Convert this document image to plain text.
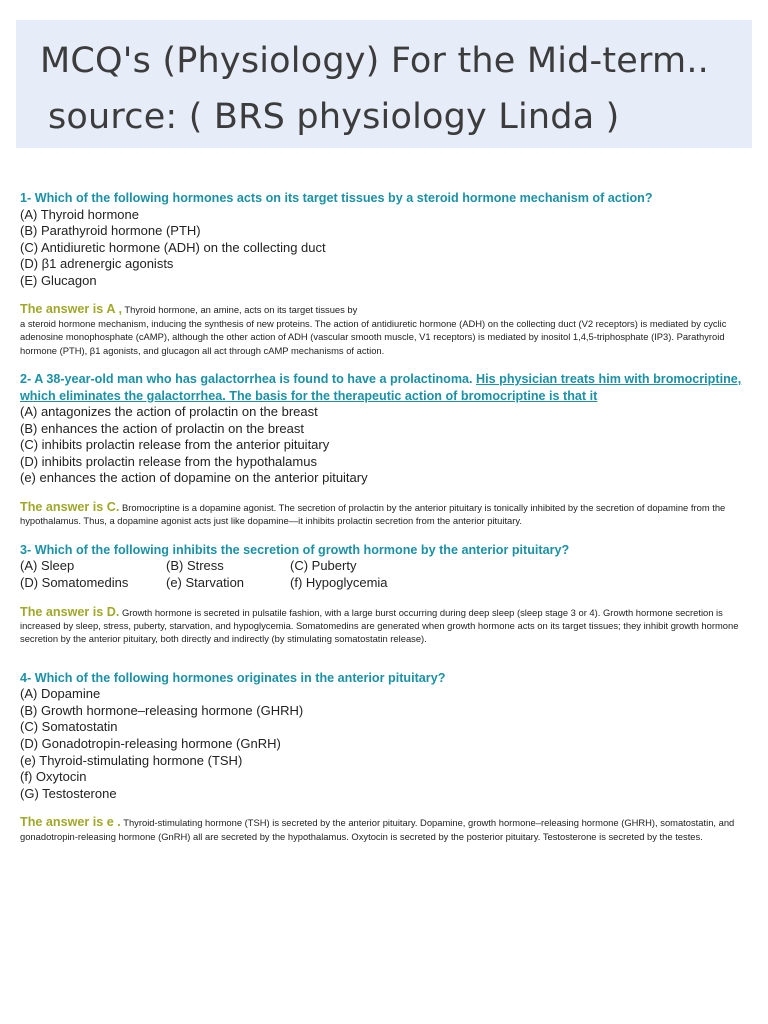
MCQ's (Physiology) For the Mid-term..
source: ( BRS physiology Linda )

1- Which of the following hormones acts on its target tissues by a steroid hormone mechanism of action?

(A) Thyroid hormone
(B) Parathyroid hormone (PTH)
(C) Antidiuretic hormone (ADH) on the collecting duct
(D) β1 adrenergic agonists
(E) Glucagon

The answer is A , Thyroid hormone, an amine, acts on its target tissues by
a steroid hormone mechanism, inducing the synthesis of new proteins. The action of antidiuretic hormone (ADH) on the collecting duct (V2 receptors) is mediated by cyclic adenosine monophosphate (cAMP), although the other action of ADH (vascular smooth muscle, V1 receptors) is mediated by inositol 1,4,5-triphosphate (IP3). Parathyroid hormone (PTH), β1 agonists, and glucagon all act through cAMP mechanisms of action.

2- A 38-year-old man who has galactorrhea is found to have a prolactinoma. His physician treats him with bromocriptine, which eliminates the galactorrhea. The basis for the therapeutic action of bromocriptine is that it

(A) antagonizes the action of prolactin on the breast
(B) enhances the action of prolactin on the breast
(C) inhibits prolactin release from the anterior pituitary
(D) inhibits prolactin release from the hypothalamus
(e) enhances the action of dopamine on the anterior pituitary

The answer is C. Bromocriptine is a dopamine agonist. The secretion of prolactin by the anterior pituitary is tonically inhibited by the secretion of dopamine from the hypothalamus. Thus, a dopamine agonist acts just like dopamine—it inhibits prolactin secretion from the anterior pituitary.

3- Which of the following inhibits the secretion of growth hormone by the anterior pituitary?

(A) Sleep	(B) Stress	(C) Puberty
(D) Somatomedins	(e) Starvation	(f) Hypoglycemia

The answer is D. Growth hormone is secreted in pulsatile fashion, with a large burst occurring during deep sleep (sleep stage 3 or 4). Growth hormone secretion is increased by sleep, stress, puberty, starvation, and hypoglycemia. Somatomedins are generated when growth hormone acts on its target tissues; they inhibit growth hormone secretion by the anterior pituitary, both directly and indirectly (by stimulating somatostatin release).

4- Which of the following hormones originates in the anterior pituitary?

(A) Dopamine
(B) Growth hormone–releasing hormone (GHRH)
(C) Somatostatin
(D) Gonadotropin-releasing hormone (GnRH)
(e) Thyroid-stimulating hormone (TSH)
(f) Oxytocin
(G) Testosterone

The answer is e . Thyroid-stimulating hormone (TSH) is secreted by the anterior pituitary. Dopamine, growth hormone–releasing hormone (GHRH), somatostatin, and gonadotropin-releasing hormone (GnRH) all are secreted by the hypothalamus. Oxytocin is secreted by the posterior pituitary. Testosterone is secreted by the testes.
